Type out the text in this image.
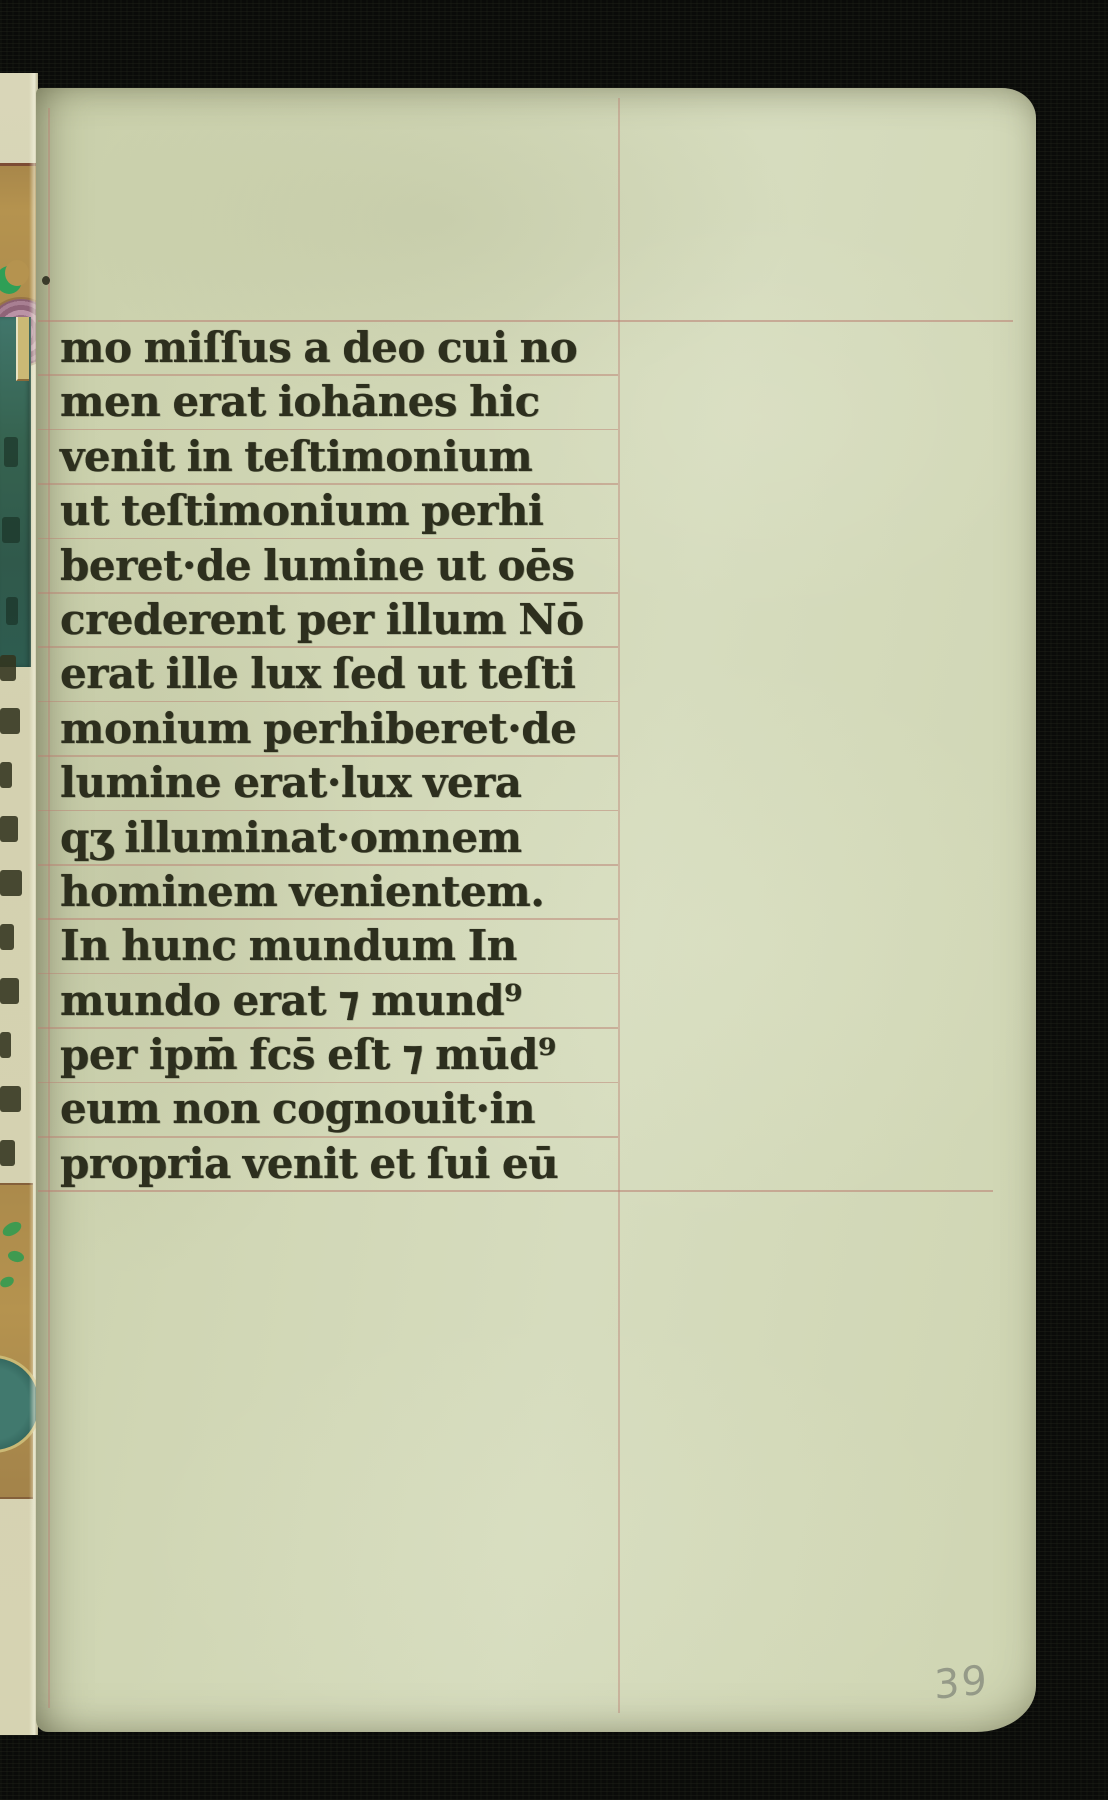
mo miſſus a deo cui no
men erat iohānes hic
venit in teſtimonium
ut teſtimonium perhi
beret·de lumine ut oēs
crederent per illum Nō
erat ille lux ſed ut teſti
monium perhiberet·de
lumine erat·lux vera
qʒ illuminat·omnem
hominem venientem.
In hunc mundum In
mundo erat ⁊ mund⁹
per ipm̄ fcs̄ eſt ⁊ mūd⁹
eum non cognouit·in
propria venit et ſui eū
39
